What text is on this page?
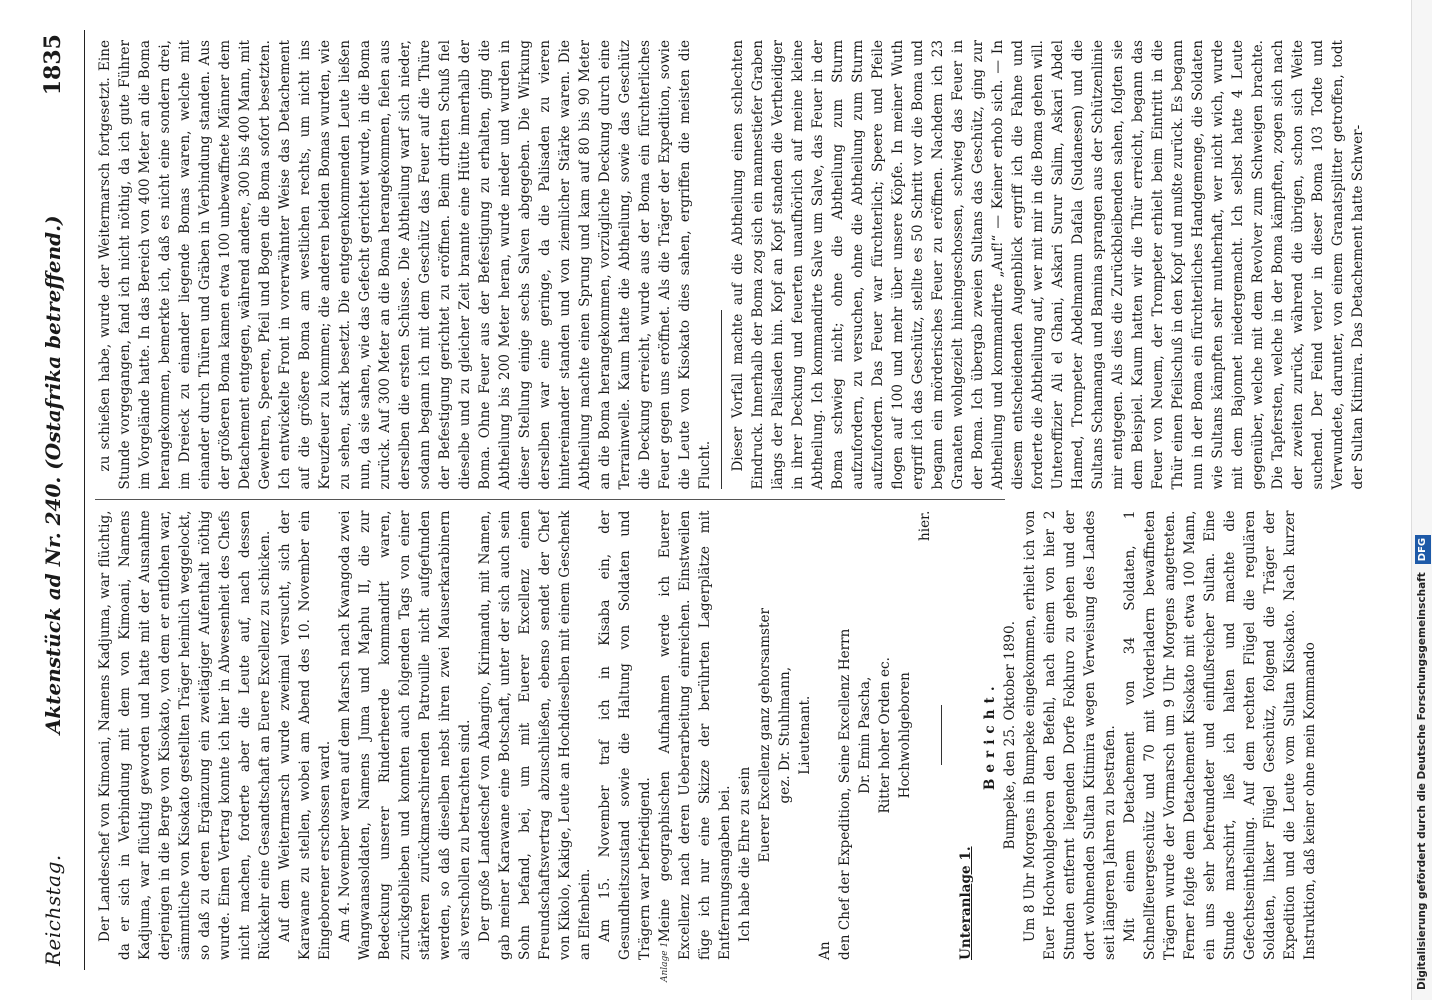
Reichstag.
Aktenstück ad Nr. 240. (Ostafrika betreffend.)
1835

Der Landeschef von Kimoani, Namens Kadjuma, war flüchtig, da er sich in Verbindung mit dem von Kimoani, Namens Kadjuma, war flüchtig geworden und hatte mit der Ausnahme derjenigen in die Berge von Kisokato, von dem er entflohen war, sämmtliche von Kisokato gestellten Träger heimlich weggelockt, so daß zu deren Ergänzung ein zweitägiger Aufenthalt nöthig wurde. Einen Vertrag konnte ich hier in Abwesenheit des Chefs nicht machen, forderte aber die Leute auf, nach dessen Rückkehr eine Gesandtschaft an Euere Excellenz zu schicken. Auf dem Weitermarsch wurde zweimal versucht, sich der Karawane zu stellen, wobei am Abend des 10. November ein Eingeborener erschossen ward. Am 4. November waren auf dem Marsch nach Kwangoda zwei Wangwanasoldaten, Namens Juma und Maphu II, die zur Bedeckung unserer Rinderheerde kommandirt waren, zurückgeblieben und konnten auch folgenden Tags von einer stärkeren zurückmarschirenden Patrouille nicht aufgefunden werden, so daß dieselben nebst ihren zwei Mauserkarabinern als verschollen zu betrachten sind. Der große Landeschef von Abangiro, Kirimandu, mit Namen, gab meiner Karawane eine Botschaft, unter der sich auch sein Sohn befand, bei, um mit Euerer Excellenz einen Freundschaftsvertrag abzuschließen, ebenso sendet der Chef von Kikolo, Kakige, Leute an Hochdieselben mit einem Geschenk an Elfenbein. Am 15. November traf ich in Kisaba ein, der Gesundheitszustand sowie die Haltung von Soldaten und Trägern war befriedigend. Meine geographischen Aufnahmen werde ich Euerer Excellenz nach deren Ueberarbeitung einreichen. Einstweilen füge ich nur eine Skizze der berührten Lagerplätze mit Entfernungsangaben bei. Ich habe die Ehre zu sein Euerer Excellenz ganz gehorsamster gez. Dr. Stuhlmann, Lieutenant.

An den Chef der Expedition, Seine Excellenz Herrn Dr. Emin Pascha, Ritter hoher Orden ec. Hochwohlgeboren

hier.

Unteranlage 1.

Bericht. Bumpeke, den 25. Oktober 1890. Um 8 Uhr Morgens in Bumpeke eingekommen, erhielt ich von Euer Hochwohlgeboren den Befehl, nach einem von hier 2 Stunden entfernt liegenden Dorfe Fokhuro zu gehen und der dort wohnenden Sultan Kitimira wegen Verweisung des Landes seit längeren Jahren zu bestrafen. Mit einem Detachement von 34 Soldaten, 1 Schnellfeuergeschütz und 70 mit Vorderladern bewaffneten Trägern wurde der Vormarsch um 9 Uhr Morgens angetreten. Ferner folgte dem Detachement Kisokato mit etwa 100 Mann, ein uns sehr befreundeter und einflußreicher Sultan. Eine Stunde marschirt, ließ ich halten und machte die Gefechtseintheilung. Auf dem rechten Flügel die regulären Soldaten, linker Flügel Geschütz, folgend die Träger der Expedition und die Leute vom Sultan Kisokato. Nach kurzer Instruktion, daß keiner ohne mein Kommando

zu schießen habe, wurde der Weitermarsch fortgesetzt. Eine Stunde vorgegangen, fand ich nicht nöthig, da ich gute Führer im Vorgelände hatte. In das Bereich von 400 Meter an die Boma herangekommen, bemerkte ich, daß es nicht eine sondern drei, im Dreieck zu einander liegende Bomas waren, welche mit einander durch Thüren und Gräben in Verbindung standen. Aus der größeren Boma kamen etwa 100 unbewaffnete Männer dem Detachement entgegen, während andere, 300 bis 400 Mann, mit Gewehren, Speeren, Pfeil und Bogen die Boma sofort besetzten. Ich entwickelte Front in vorerwähnter Weise das Detachement auf die größere Boma am westlichen rechts, um nicht ins Kreuzfeuer zu kommen; die anderen beiden Bomas wurden, wie zu sehen, stark besetzt. Die entgegenkommenden Leute ließen nun, da sie sahen, wie das Gefecht gerichtet wurde, in die Boma zurück. Auf 300 Meter an die Boma herangekommen, fielen aus derselben die ersten Schüsse. Die Abtheilung warf sich nieder, sodann begann ich mit dem Geschütz das Feuer auf die Thüre der Befestigung gerichtet zu eröffnen. Beim dritten Schuß fiel dieselbe und zu gleicher Zeit brannte eine Hütte innerhalb der Boma. Ohne Feuer aus der Befestigung zu erhalten, ging die Abtheilung bis 200 Meter heran, wurde nieder und wurden in dieser Stellung einige sechs Salven abgegeben. Die Wirkung derselben war eine geringe, da die Palisaden zu vieren hintereinander standen und von ziemlicher Stärke waren. Die Abtheilung machte einen Sprung und kam auf 80 bis 90 Meter an die Boma herangekommen, vorzügliche Deckung durch eine Terrainwelle. Kaum hatte die Abtheilung, sowie das Geschütz die Deckung erreicht, wurde aus der Boma ein fürchterliches Feuer gegen uns eröffnet. Als die Träger der Expedition, sowie die Leute von Kisokato dies sahen, ergriffen die meisten die Flucht. Dieser Vorfall machte auf die Abtheilung einen schlechten Eindruck. Innerhalb der Boma zog sich ein mannestiefer Graben längs der Palisaden hin. Kopf an Kopf standen die Vertheidiger in ihrer Deckung und feuerten unaufhörlich auf meine kleine Abtheilung. Ich kommandirte Salve um Salve, das Feuer in der Boma schwieg nicht; ohne die Abtheilung zum Sturm aufzufordern, zu versuchen, ohne die Abtheilung zum Sturm aufzufordern. Das Feuer war fürchterlich; Speere und Pfeile flogen auf 100 und mehr über unsere Köpfe. In meiner Wuth ergriff ich das Geschütz, stellte es 50 Schritt vor die Boma und begann ein mörderisches Feuer zu eröffnen. Nachdem ich 23 Granaten wohlgezielt hineingeschossen, schwieg das Feuer in der Boma. Ich übergab zweien Sultans das Geschütz, ging zur Abtheilung und kommandirte „Auf!“ — Keiner erhob sich. — In diesem entscheidenden Augenblick ergriff ich die Fahne und forderte die Abtheilung auf, wer mit mir in die Boma gehen will. Unteroffizier Ali el Ghani, Askari Surur Salim, Askari Abdel Hamed, Trompeter Abdelmamun Dafala (Sudanesen) und die Sultans Schamanga und Bamina sprangen aus der Schützenlinie mir entgegen. Als dies die Zurückbleibenden sahen, folgten sie dem Beispiel. Kaum hatten wir die Thür erreicht, begann das Feuer von Neuem, der Trompeter erhielt beim Eintritt in die Thür einen Pfeilschuß in den Kopf und mußte zurück. Es begann nun in der Boma ein fürchterliches Handgemenge, die Soldaten wie Sultans kämpften sehr mutherhaft, wer nicht wich, wurde mit dem Bajonnet niedergemacht. Ich selbst hatte 4 Leute gegenüber, welche mit dem Revolver zum Schweigen brachte. Die Tapfersten, welche in der Boma kämpften, zogen sich nach der zweiten zurück, während die übrigen, schon sich Weite suchend. Der Feind verlor in dieser Boma 103 Todte und Verwundete, darunter, von einem Granatsplitter getroffen, todt der Sultan Kitimira. Das Detachement hatte Schwer-

Anlage 1.	Digitalisierung gefördert durch die Deutsche ForschungsgemeinschaftDFG
